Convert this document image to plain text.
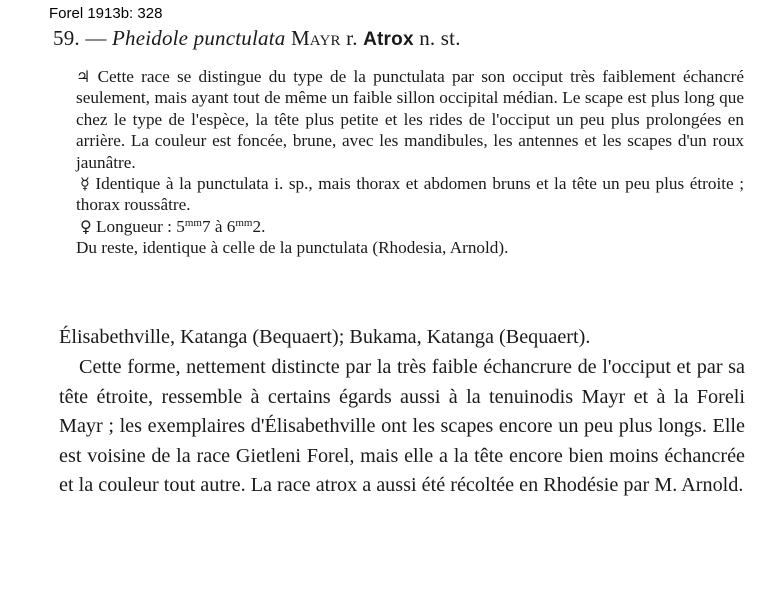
Forel 1913b: 328
59. — Pheidole punctulata Mayr r. Atrox n. st.

♃ Cette race se distingue du type de la punctulata par son occiput très faiblement échancré seulement, mais ayant tout de même un faible sillon occipital médian. Le scape est plus long que chez le type de l'espèce, la tête plus petite et les rides de l'occiput un peu plus prolongées en arrière. La couleur est foncée, brune, avec les mandibules, les antennes et les scapes d'un roux jaunâtre.

☿ Identique à la punctulata i. sp., mais thorax et abdomen bruns et la tête un peu plus étroite ; thorax roussâtre.

♀ Longueur : $5^{mm}7$ à $6^{mm}2$.

Du reste, identique à celle de la punctulata (Rhodesia, Arnold).

Élisabethville, Katanga (Bequaert); Bukama, Katanga (Bequaert).

Cette forme, nettement distincte par la très faible échancrure de l'occiput et par sa tête étroite, ressemble à certains égards aussi à la tenuinodis Mayr et à la Foreli Mayr ; les exemplaires d'Élisabethville ont les scapes encore un peu plus longs. Elle est voisine de la race Gietleni Forel, mais elle a la tête encore bien moins échancrée et la couleur tout autre. La race atrox a aussi été récoltée en Rhodésie par M. Arnold.
